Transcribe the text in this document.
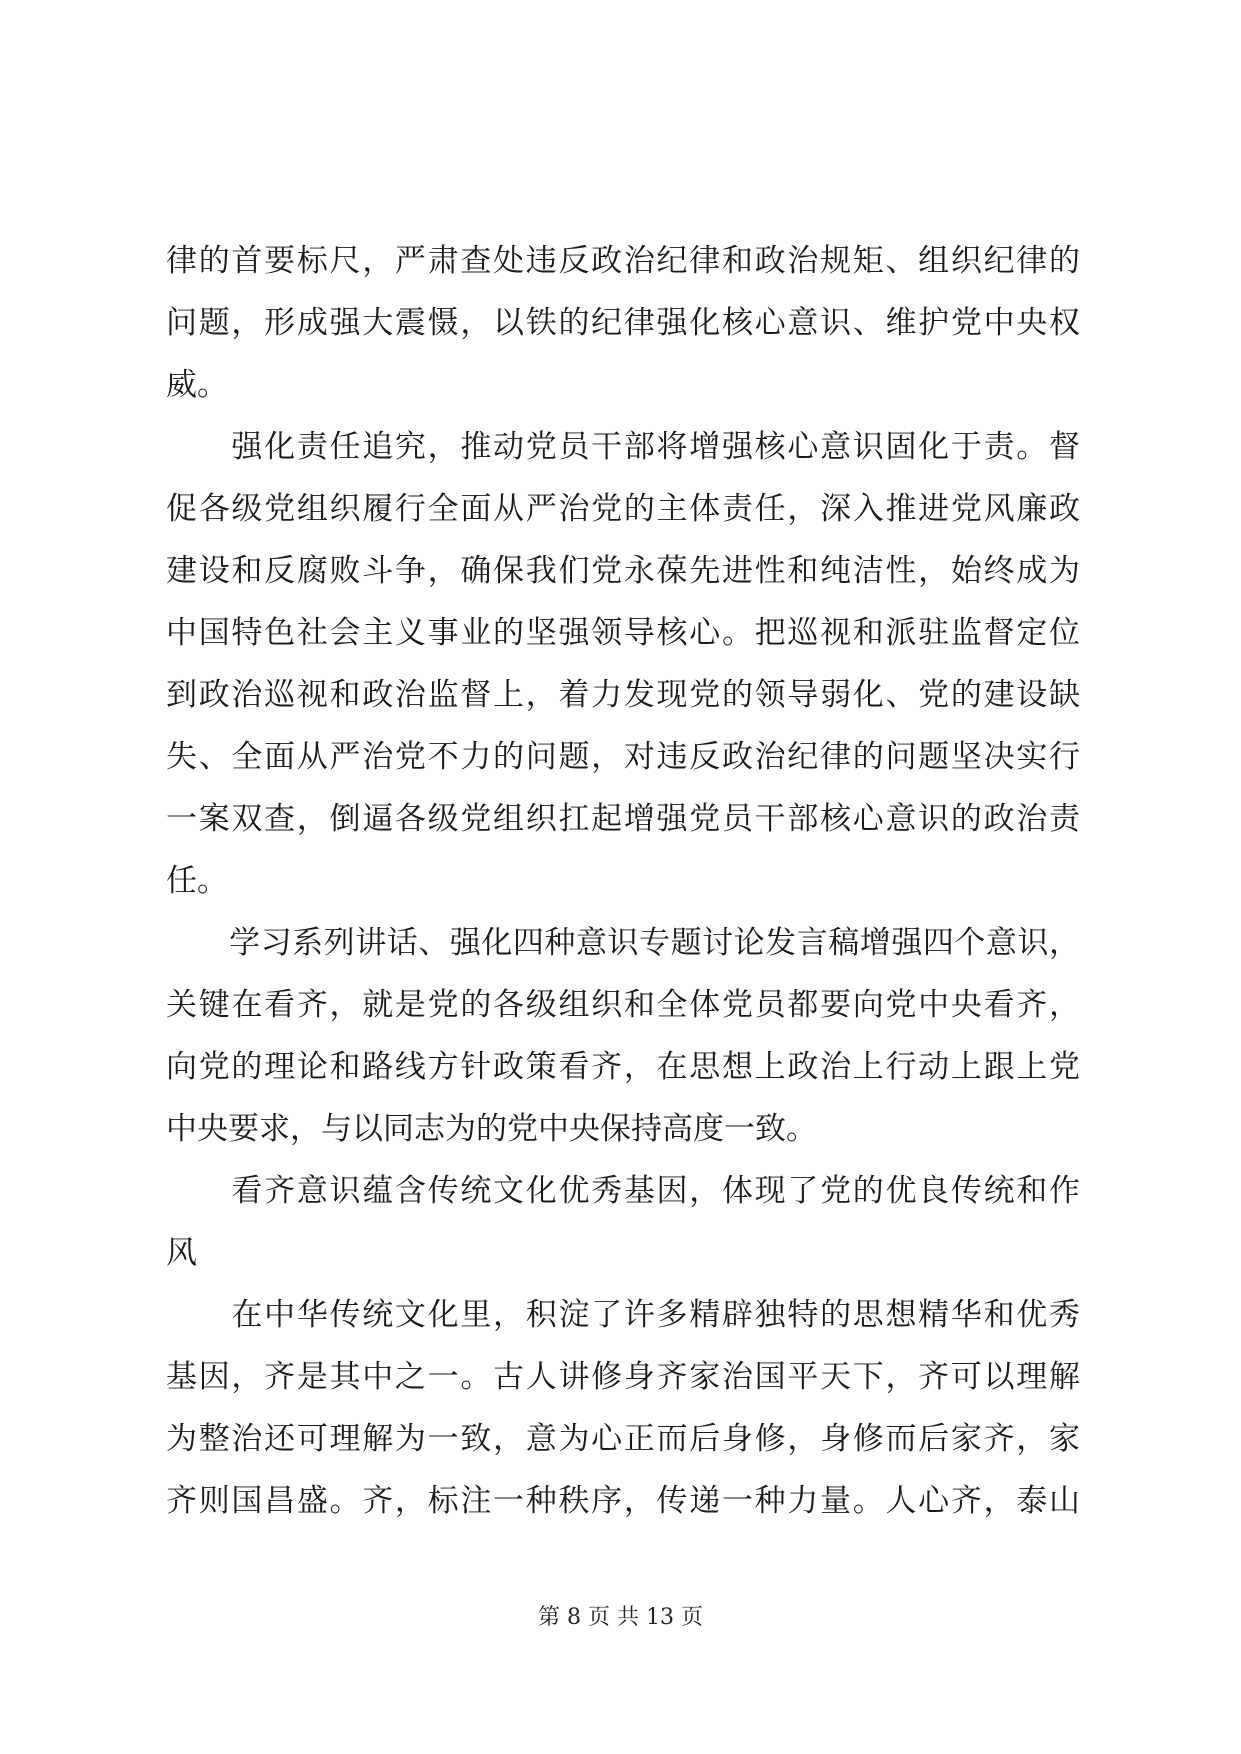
律的首要标尺，严肃查处违反政治纪律和政治规矩、组织纪律的
问题，形成强大震慑，以铁的纪律强化核心意识、维护党中央权
威。
　　强化责任追究，推动党员干部将增强核心意识固化于责。督
促各级党组织履行全面从严治党的主体责任，深入推进党风廉政
建设和反腐败斗争，确保我们党永葆先进性和纯洁性，始终成为
中国特色社会主义事业的坚强领导核心。把巡视和派驻监督定位
到政治巡视和政治监督上，着力发现党的领导弱化、党的建设缺
失、全面从严治党不力的问题，对违反政治纪律的问题坚决实行
一案双查，倒逼各级党组织扛起增强党员干部核心意识的政治责
任。
　　学习系列讲话、强化四种意识专题讨论发言稿增强四个意识，
关键在看齐，就是党的各级组织和全体党员都要向党中央看齐，
向党的理论和路线方针政策看齐，在思想上政治上行动上跟上党
中央要求，与以同志为的党中央保持高度一致。
　　看齐意识蕴含传统文化优秀基因，体现了党的优良传统和作
风
　　在中华传统文化里，积淀了许多精辟独特的思想精华和优秀
基因，齐是其中之一。古人讲修身齐家治国平天下，齐可以理解
为整治还可理解为一致，意为心正而后身修，身修而后家齐，家
齐则国昌盛。齐，标注一种秩序，传递一种力量。人心齐，泰山
第 8 页 共 13 页
